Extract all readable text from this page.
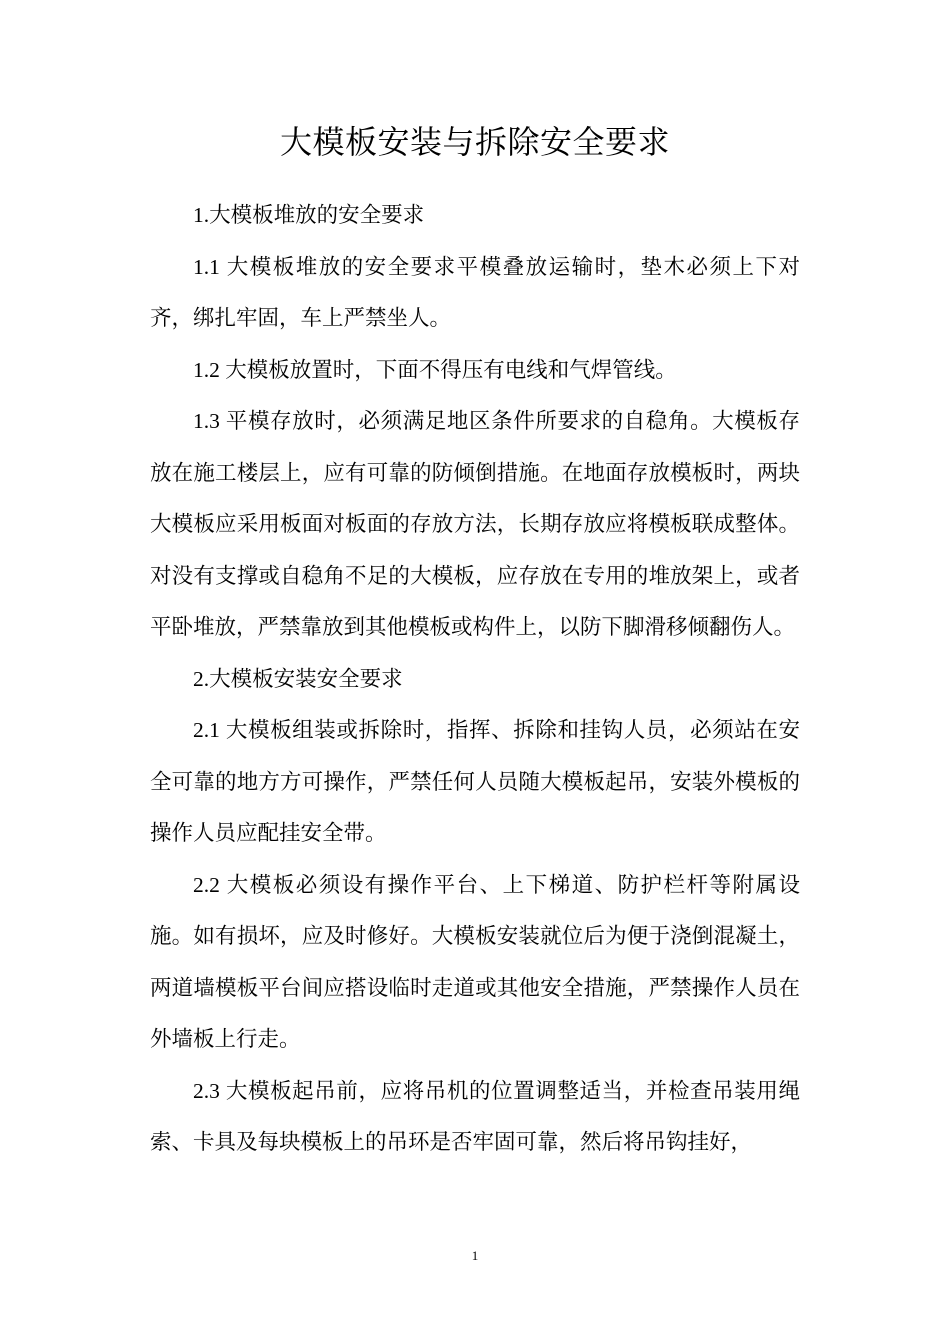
大模板安装与拆除安全要求

1.大模板堆放的安全要求

1.1 大模板堆放的安全要求平模叠放运输时，垫木必须上下对齐，绑扎牢固，车上严禁坐人。

1.2 大模板放置时，下面不得压有电线和气焊管线。

1.3 平模存放时，必须满足地区条件所要求的自稳角。大模板存放在施工楼层上，应有可靠的防倾倒措施。在地面存放模板时，两块大模板应采用板面对板面的存放方法，长期存放应将模板联成整体。对没有支撑或自稳角不足的大模板，应存放在专用的堆放架上，或者平卧堆放，严禁靠放到其他模板或构件上，以防下脚滑移倾翻伤人。

2.大模板安装安全要求

2.1 大模板组装或拆除时，指挥、拆除和挂钩人员，必须站在安全可靠的地方方可操作，严禁任何人员随大模板起吊，安装外模板的操作人员应配挂安全带。

2.2 大模板必须设有操作平台、上下梯道、防护栏杆等附属设施。如有损坏，应及时修好。大模板安装就位后为便于浇倒混凝土，两道墙模板平台间应搭设临时走道或其他安全措施，严禁操作人员在外墙板上行走。

2.3 大模板起吊前，应将吊机的位置调整适当，并检查吊装用绳索、卡具及每块模板上的吊环是否牢固可靠，然后将吊钩挂好，

1
